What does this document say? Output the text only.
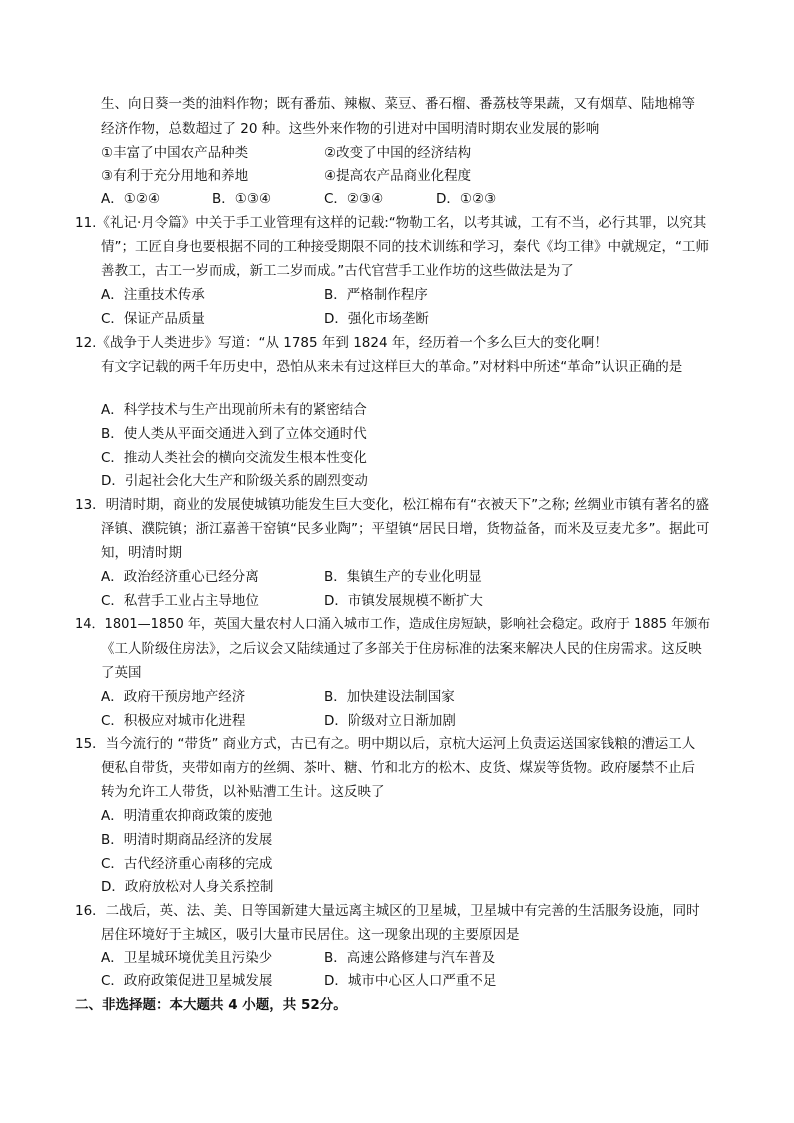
生、向日葵一类的油料作物；既有番茄、辣椒、菜豆、番石榴、番荔枝等果蔬，又有烟草、陆地棉等
经济作物，总数超过了 20 种。这些外来作物的引进对中国明清时期农业发展的影响
①丰富了中国农产品种类	②改变了中国的经济结构
③有利于充分用地和养地	④提高农产品商业化程度
A．①②④	B．①③④	C．②③④	D．①②③
11.《礼记·月令篇》中关于手工业管理有这样的记载:“物勒工名，以考其诚，工有不当，必行其罪，以究其
情”；工匠自身也要根据不同的工种接受期限不同的技术训练和学习，秦代《均工律》中就规定，“工师
善教工，古工一岁而成，新工二岁而成。”古代官营手工业作坊的这些做法是为了
A．注重技术传承	B．严格制作程序
C．保证产品质量	D．强化市场垄断
12.《战争于人类进步》写道：“从 1785 年到 1824 年，经历着一个多么巨大的变化啊！
有文字记载的两千年历史中，恐怕从来未有过这样巨大的革命。”对材料中所述“革命”认识正确的是
A．科学技术与生产出现前所未有的紧密结合
B．使人类从平面交通进入到了立体交通时代
C．推动人类社会的横向交流发生根本性变化
D．引起社会化大生产和阶级关系的剧烈变动
13．明清时期，商业的发展使城镇功能发生巨大变化，松江棉布有“衣被天下”之称; 丝绸业市镇有著名的盛
泽镇、濮院镇；浙江嘉善干窑镇“民多业陶”；平望镇“居民日增，货物益备，而米及豆麦尤多”。据此可
知，明清时期
A．政治经济重心已经分离	B．集镇生产的专业化明显
C．私营手工业占主导地位	D．市镇发展规模不断扩大
14．1801—1850 年，英国大量农村人口涌入城市工作，造成住房短缺，影响社会稳定。政府于 1885 年颁布
《工人阶级住房法》，之后议会又陆续通过了多部关于住房标准的法案来解决人民的住房需求。这反映
了英国
A．政府干预房地产经济	B．加快建设法制国家
C．积极应对城市化进程	D．阶级对立日渐加剧
15．当今流行的 “带货” 商业方式，古已有之。明中期以后，京杭大运河上负责运送国家钱粮的漕运工人
便私自带货，夹带如南方的丝绸、茶叶、糖、竹和北方的松木、皮货、煤炭等货物。政府屡禁不止后
转为允许工人带货，以补贴漕工生计。这反映了
A．明清重农抑商政策的废弛
B．明清时期商品经济的发展
C．古代经济重心南移的完成
D．政府放松对人身关系控制
16．二战后，英、法、美、日等国新建大量远离主城区的卫星城，卫星城中有完善的生活服务设施，同时
居住环境好于主城区，吸引大量市民居住。这一现象出现的主要原因是
A．卫星城环境优美且污染少	B．高速公路修建与汽车普及
C．政府政策促进卫星城发展	D．城市中心区人口严重不足
二、非选择题：本大题共 4 小题，共 52分。
